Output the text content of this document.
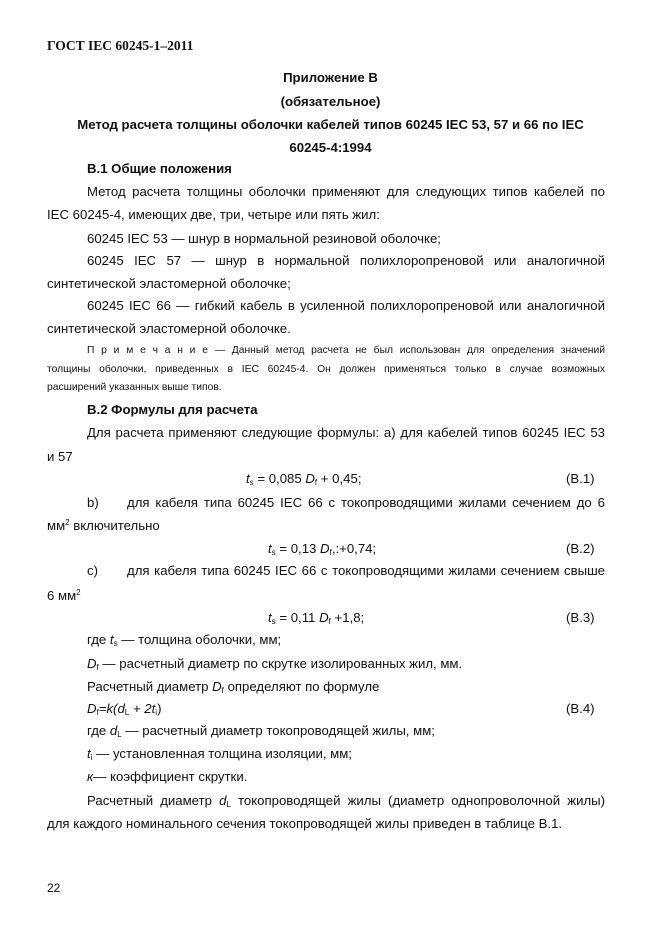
ГОСТ IEC 60245-1–2011
Приложение В
(обязательное)
Метод расчета толщины оболочки кабелей типов 60245 IEC 53, 57 и 66 по IEC
60245-4:1994
В.1 Общие положения
Метод расчета толщины оболочки применяют для следующих типов кабелей по
IEC 60245-4, имеющих две, три, четыре или пять жил:
60245 IEC 53 — шнур в нормальной резиновой оболочке;
60245 IEC 57 — шнур в нормальной полихлоропреновой или аналогичной
синтетической эластомерной оболочке;
60245 IEC 66 — гибкий кабель в усиленной полихлоропреновой или аналогичной
синтетической эластомерной оболочке.
П р и м е ч а н и е — Данный метод расчета не был использован для определения значений
толщины оболочки, приведенных в IEC 60245-4. Он должен применяться только в случае возможных
расширений указанных выше типов.
В.2 Формулы для расчета
Для расчета применяют следующие формулы: а) для кабелей типов 60245 IEC 53
и 57
$t_s = 0,085$ $D_f + 0,45$;	(В.1)
b) для кабеля типа 60245 IEC 66 с токопроводящими жилами сечением до 6
$мм^2$ включительно
$t_s = 0,13$ $D_f,:+0,74$;	(В.2)
с) для кабеля типа 60245 IEC 66 с токопроводящими жилами сечением свыше
6 $мм^2$
$t_s = 0,11$ $D_f +1,8$;	(В.3)
где $t_s$ — толщина оболочки, мм;
$D_f$ — расчетный диаметр по скрутке изолированных жил, мм.
Расчетный диаметр $D_f$ определяют по формуле
$D_f=k(d_L + 2t_i)$	(В.4)
где $d_L$ — расчетный диаметр токопроводящей жилы, мм;
$t_i$ — установленная толщина изоляции, мм;
к— коэффициент скрутки.
Расчетный диаметр $d_L$ токопроводящей жилы (диаметр однопроволочной жилы)
для каждого номинального сечения токопроводящей жилы приведен в таблице В.1.
22
